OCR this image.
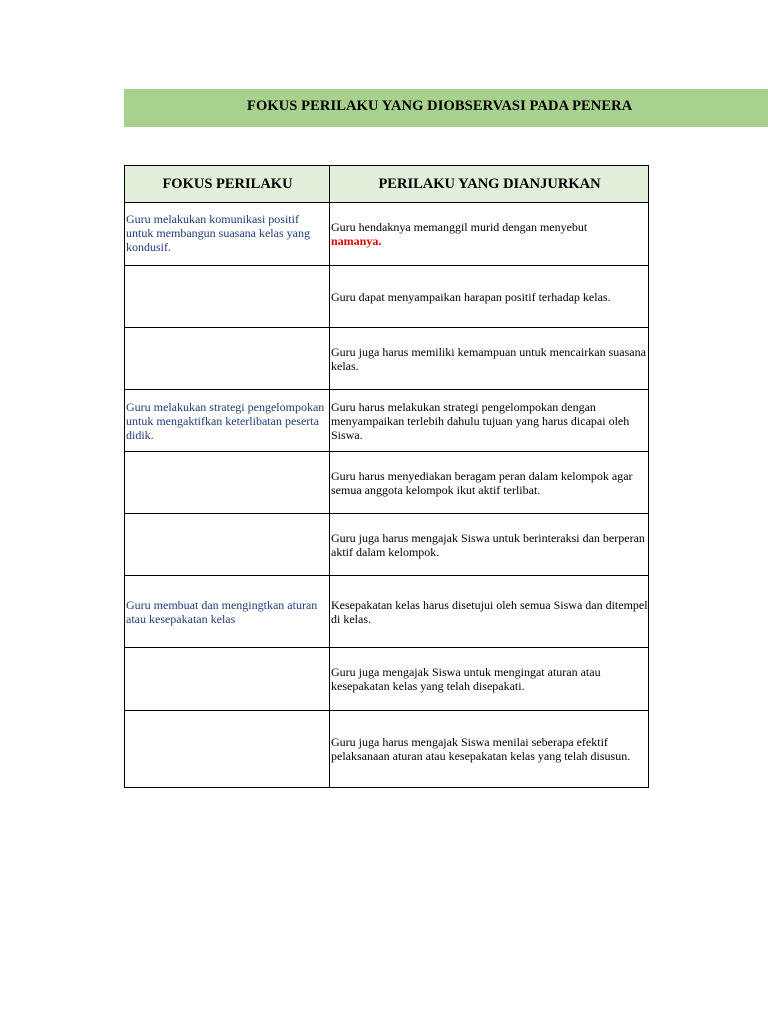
FOKUS PERILAKU YANG DIOBSERVASI PADA PENERA
FOKUS PERILAKU	PERILAKU YANG DIANJURKAN
Guru melakukan komunikasi positif untuk membangun suasana kelas yang kondusif.	Guru hendaknya memanggil murid dengan menyebut
namanya.
	Guru dapat menyampaikan harapan positif terhadap kelas.
	Guru juga harus memiliki kemampuan untuk mencairkan suasana kelas.
Guru melakukan strategi pengelompokan untuk mengaktifkan keterlibatan peserta didik.	Guru harus melakukan strategi pengelompokan dengan menyampaikan terlebih dahulu tujuan yang harus dicapai oleh Siswa.
	Guru harus menyediakan beragam peran dalam kelompok agar semua anggota kelompok ikut aktif terlibat.
	Guru juga harus mengajak Siswa untuk berinteraksi dan berperan aktif dalam kelompok.
Guru membuat dan mengingtkan aturan atau kesepakatan kelas	Kesepakatan kelas harus disetujui oleh semua Siswa dan ditempel di kelas.
	Guru juga mengajak Siswa untuk mengingat aturan atau kesepakatan kelas yang telah disepakati.
	Guru juga harus mengajak Siswa menilai seberapa efektif pelaksanaan aturan atau kesepakatan kelas yang telah disusun.
